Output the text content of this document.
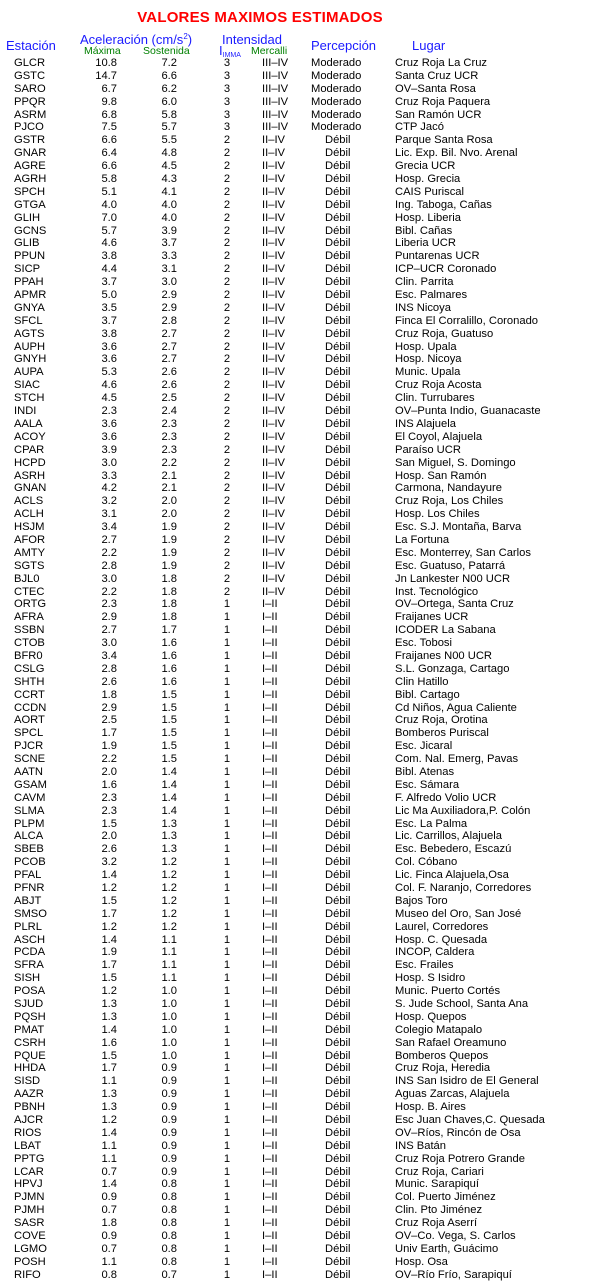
VALORES MAXIMOS ESTIMADOS
Estación Aceleración $(cm/s^2)$
Máxima Sostenida
Intensidad
IIMMA Mercalli Percepción	Lugar
GLCR	10.8	7.2	3	III–IV Moderado	Cruz Roja La Cruz
GSTC	14.7	6.6	3	III–IV Moderado	Santa Cruz UCR
SARO	6.7	6.2	3	III–IV Moderado	OV–Santa Rosa
PPQR	9.8	6.0	3	III–IV Moderado	Cruz Roja Paquera
ASRM	6.8	5.8	3	III–IV Moderado	San Ramón UCR
PJCO	7.5	5.7	3	III–IV Moderado	CTP Jacó
GSTR	6.6	5.5	2	II–IV	Débil	Parque Santa Rosa
GNAR	6.4	4.8	2	II–IV	Débil	Lic. Exp. Bil. Nvo. Arenal
AGRE	6.6	4.5	2	II–IV	Débil	Grecia UCR
AGRH	5.8	4.3	2	II–IV	Débil	Hosp. Grecia
SPCH	5.1	4.1	2	II–IV	Débil	CAIS Puriscal
GTGA	4.0	4.0	2	II–IV	Débil	Ing. Taboga, Cañas
GLIH	7.0	4.0	2	II–IV	Débil	Hosp. Liberia
GCNS	5.7	3.9	2	II–IV	Débil	Bibl. Cañas
GLIB	4.6	3.7	2	II–IV	Débil	Liberia UCR
PPUN	3.8	3.3	2	II–IV	Débil	Puntarenas UCR
SICP	4.4	3.1	2	II–IV	Débil	ICP–UCR Coronado
PPAH	3.7	3.0	2	II–IV	Débil	Clin. Parrita
APMR	5.0	2.9	2	II–IV	Débil	Esc. Palmares
GNYA	3.5	2.9	2	II–IV	Débil	INS Nicoya
SFCL	3.7	2.8	2	II–IV	Débil	Finca El Corralillo, Coronado
AGTS	3.8	2.7	2	II–IV	Débil	Cruz Roja, Guatuso
AUPH	3.6	2.7	2	II–IV	Débil	Hosp. Upala
GNYH	3.6	2.7	2	II–IV	Débil	Hosp. Nicoya
AUPA	5.3	2.6	2	II–IV	Débil	Munic. Upala
SIAC	4.6	2.6	2	II–IV	Débil	Cruz Roja Acosta
STCH	4.5	2.5	2	II–IV	Débil	Clin. Turrubares
INDI	2.3	2.4	2	II–IV	Débil	OV–Punta Indio, Guanacaste
AALA	3.6	2.3	2	II–IV	Débil	INS Alajuela
ACOY	3.6	2.3	2	II–IV	Débil	El Coyol, Alajuela
CPAR	3.9	2.3	2	II–IV	Débil	Paraíso UCR
HCPD	3.0	2.2	2	II–IV	Débil	San Miguel, S. Domingo
ASRH	3.3	2.1	2	II–IV	Débil	Hosp. San Ramón
GNAN	4.2	2.1	2	II–IV	Débil	Carmona, Nandayure
ACLS	3.2	2.0	2	II–IV	Débil	Cruz Roja, Los Chiles
ACLH	3.1	2.0	2	II–IV	Débil	Hosp. Los Chiles
HSJM	3.4	1.9	2	II–IV	Débil	Esc. S.J. Montaña, Barva
AFOR	2.7	1.9	2	II–IV	Débil	La Fortuna
AMTY	2.2	1.9	2	II–IV	Débil	Esc. Monterrey, San Carlos
SGTS	2.8	1.9	2	II–IV	Débil	Esc. Guatuso, Patarrá
BJL0	3.0	1.8	2	II–IV	Débil	Jn Lankester N00 UCR
CTEC	2.2	1.8	2	II–IV	Débil	Inst. Tecnológico
ORTG	2.3	1.8	1	I–II	Débil	OV–Ortega, Santa Cruz
AFRA	2.9	1.8	1	I–II	Débil	Fraijanes UCR
SSBN	2.7	1.7	1	I–II	Débil	ICODER La Sabana
CTOB	3.0	1.6	1	I–II	Débil	Esc. Tobosi
BFR0	3.4	1.6	1	I–II	Débil	Fraijanes N00 UCR
CSLG	2.8	1.6	1	I–II	Débil	S.L. Gonzaga, Cartago
SHTH	2.6	1.6	1	I–II	Débil	Clin Hatillo
CCRT	1.8	1.5	1	I–II	Débil	Bibl. Cartago
CCDN	2.9	1.5	1	I–II	Débil	Cd Niños, Agua Caliente
AORT	2.5	1.5	1	I–II	Débil	Cruz Roja, Orotina
SPCL	1.7	1.5	1	I–II	Débil	Bomberos Puriscal
PJCR	1.9	1.5	1	I–II	Débil	Esc. Jicaral
SCNE	2.2	1.5	1	I–II	Débil	Com. Nal. Emerg, Pavas
AATN	2.0	1.4	1	I–II	Débil	Bibl. Atenas
GSAM	1.6	1.4	1	I–II	Débil	Esc. Sámara
CAVM	2.3	1.4	1	I–II	Débil	F. Alfredo Volio UCR
SLMA	2.3	1.4	1	I–II	Débil	Lic Ma Auxiliadora,P. Colón
PLPM	1.5	1.3	1	I–II	Débil	Esc. La Palma
ALCA	2.0	1.3	1	I–II	Débil	Lic. Carrillos, Alajuela
SBEB	2.6	1.3	1	I–II	Débil	Esc. Bebedero, Escazú
PCOB	3.2	1.2	1	I–II	Débil	Col. Cóbano
PFAL	1.4	1.2	1	I–II	Débil	Lic. Finca Alajuela,Osa
PFNR	1.2	1.2	1	I–II	Débil	Col. F. Naranjo, Corredores
ABJT	1.5	1.2	1	I–II	Débil	Bajos Toro
SMSO	1.7	1.2	1	I–II	Débil	Museo del Oro, San José
PLRL	1.2	1.2	1	I–II	Débil	Laurel, Corredores
ASCH	1.4	1.1	1	I–II	Débil	Hosp. C. Quesada
PCDA	1.9	1.1	1	I–II	Débil	INCOP, Caldera
SFRA	1.7	1.1	1	I–II	Débil	Esc. Frailes
SISH	1.5	1.1	1	I–II	Débil	Hosp. S Isidro
POSA	1.2	1.0	1	I–II	Débil	Munic. Puerto Cortés
SJUD	1.3	1.0	1	I–II	Débil	S. Jude School, Santa Ana
PQSH	1.3	1.0	1	I–II	Débil	Hosp. Quepos
PMAT	1.4	1.0	1	I–II	Débil	Colegio Matapalo
CSRH	1.6	1.0	1	I–II	Débil	San Rafael Oreamuno
PQUE	1.5	1.0	1	I–II	Débil	Bomberos Quepos
HHDA	1.7	0.9	1	I–II	Débil	Cruz Roja, Heredia
SISD	1.1	0.9	1	I–II	Débil	INS San Isidro de El General
AAZR	1.3	0.9	1	I–II	Débil	Aguas Zarcas, Alajuela
PBNH	1.3	0.9	1	I–II	Débil	Hosp. B. Aires
AJCR	1.2	0.9	1	I–II	Débil	Esc Juan Chaves,C. Quesada
RIOS	1.4	0.9	1	I–II	Débil	OV–Ríos, Rincón de Osa
LBAT	1.1	0.9	1	I–II	Débil	INS Batán
PPTG	1.1	0.9	1	I–II	Débil	Cruz Roja Potrero Grande
LCAR	0.7	0.9	1	I–II	Débil	Cruz Roja, Cariari
HPVJ	1.4	0.8	1	I–II	Débil	Munic. Sarapiquí
PJMN	0.9	0.8	1	I–II	Débil	Col. Puerto Jiménez
PJMH	0.7	0.8	1	I–II	Débil	Clin. Pto Jiménez
SASR	1.8	0.8	1	I–II	Débil	Cruz Roja Aserrí
COVE	0.9	0.8	1	I–II	Débil	OV–Co. Vega, S. Carlos
LGMO	0.7	0.8	1	I–II	Débil	Univ Earth, Guácimo
POSH	1.1	0.8	1	I–II	Débil	Hosp. Osa
RIFO	0.8	0.7	1	I–II	Débil	OV–Río Frío, Sarapiquí
